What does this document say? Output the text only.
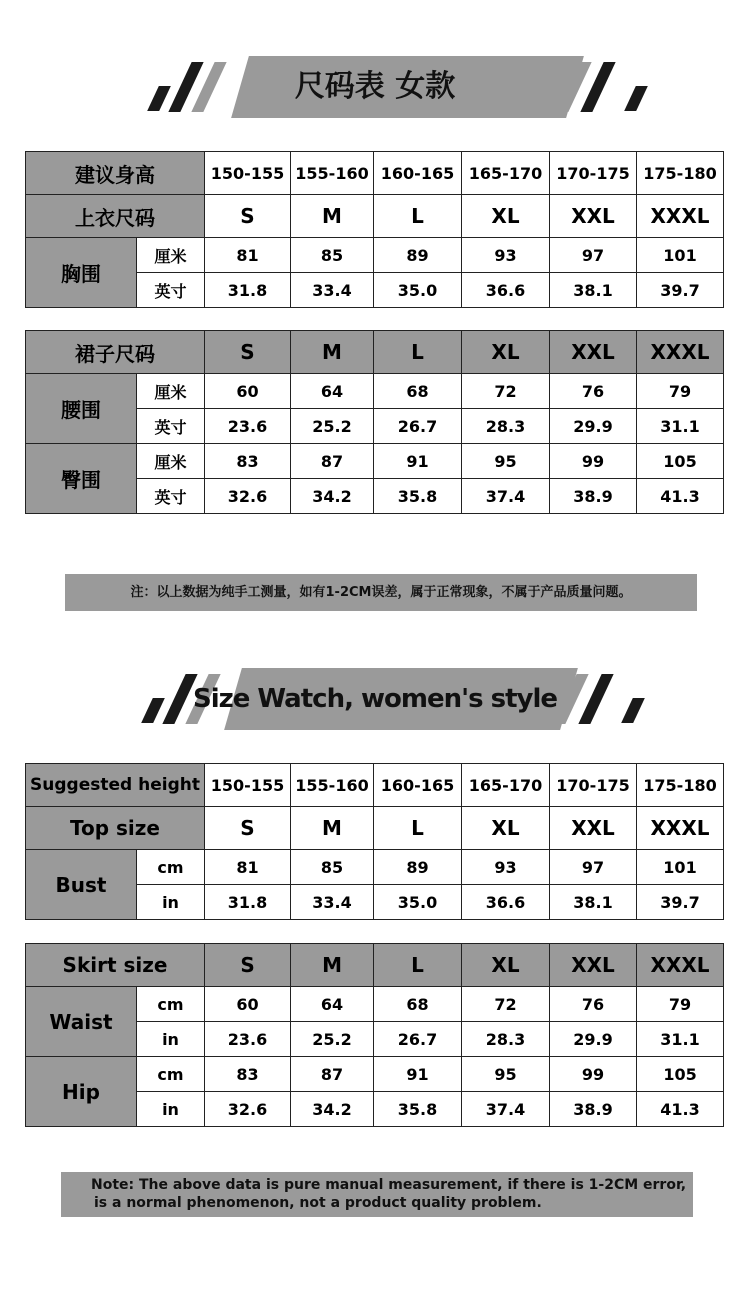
尺码表 女款
建议身高		150-155	155-160	160-165	165-170	170-175	175-180
上衣尺码		S	M	L	XL	XXL	XXXL
胸围	厘米	81	85	89	93	97	101
	英寸	31.8	33.4	35.0	36.6	38.1	39.7
裙子尺码		S	M	L	XL	XXL	XXXL
腰围	厘米	60	64	68	72	76	79
	英寸	23.6	25.2	26.7	28.3	29.9	31.1
臀围	厘米	83	87	91	95	99	105
	英寸	32.6	34.2	35.8	37.4	38.9	41.3
注：以上数据为纯手工测量，如有1-2CM误差，属于正常现象，不属于产品质量问题。
Size Watch, women's style
Suggested height		150-155	155-160	160-165	165-170	170-175	175-180
Top size		S	M	L	XL	XXL	XXXL
Bust	cm	81	85	89	93	97	101
	in	31.8	33.4	35.0	36.6	38.1	39.7
Skirt size		S	M	L	XL	XXL	XXXL
Waist	cm	60	64	68	72	76	79
	in	23.6	25.2	26.7	28.3	29.9	31.1
Hip	cm	83	87	91	95	99	105
	in	32.6	34.2	35.8	37.4	38.9	41.3
Note: The above data is pure manual measurement, if there is 1-2CM error,
is a normal phenomenon, not a product quality problem.
